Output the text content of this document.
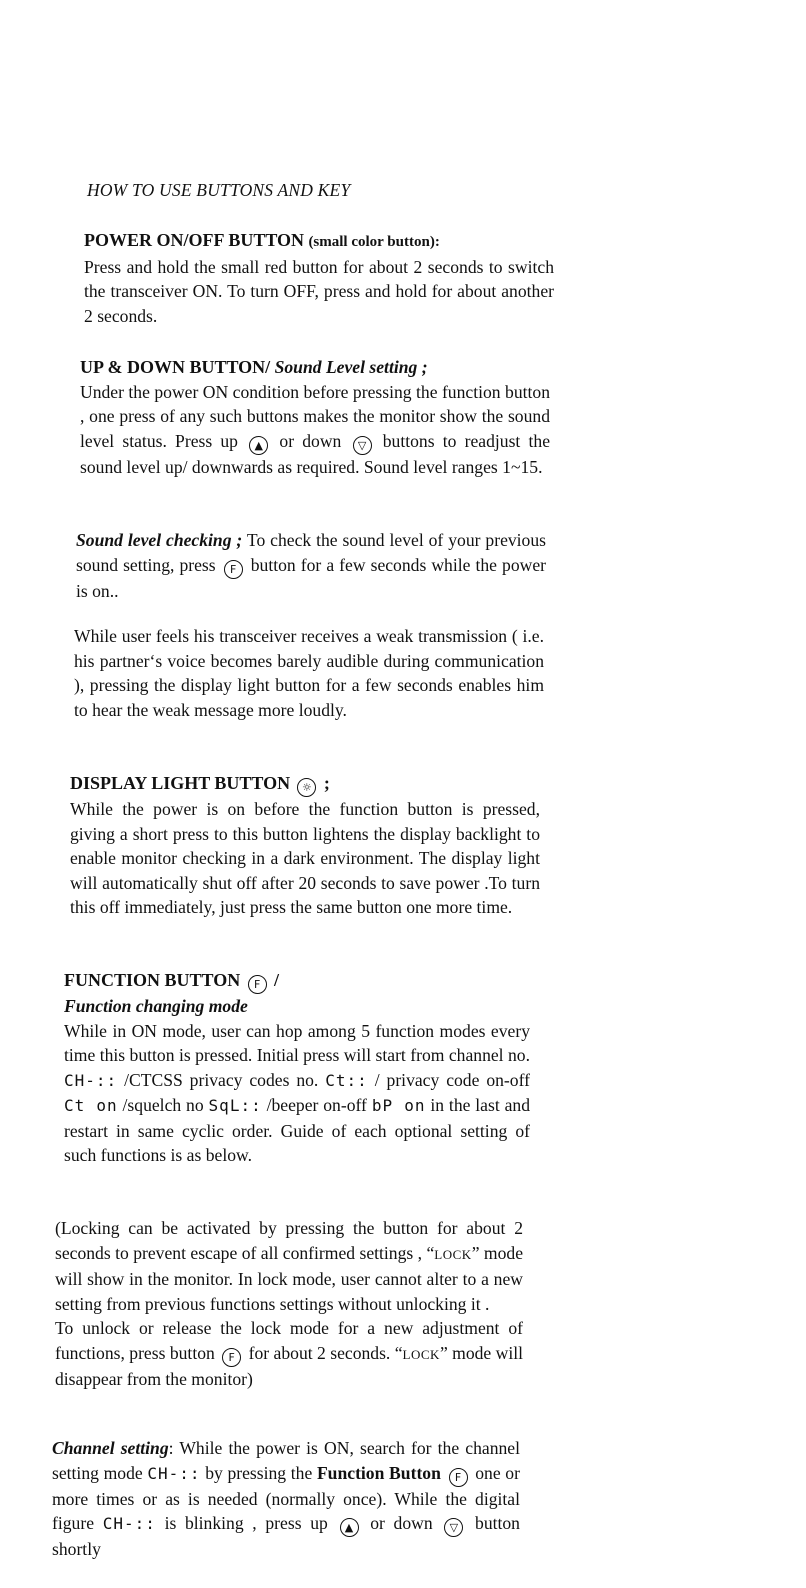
HOW TO USE BUTTONS AND KEY
POWER ON/OFF BUTTON (small color button):
Press and hold the small red button for about 2 seconds to switch the transceiver ON. To turn OFF, press and hold for about another 2 seconds.
UP & DOWN BUTTON/ Sound Level setting ;
Under the power ON condition before pressing the function button , one press of any such buttons makes the monitor show the sound level status. Press up ▲ or down ▽ buttons to readjust the sound level up/ downwards as required. Sound level ranges 1~15.
Sound level checking ; To check the sound level of your previous sound setting, press F button for a few seconds while the power is on..
While user feels his transceiver receives a weak transmission ( i.e. his partner‘s voice becomes barely audible during communication ), pressing the display light button for a few seconds enables him to hear the weak message more loudly.
DISPLAY LIGHT BUTTON ☼ ;
While the power is on before the function button is pressed, giving a short press to this button lightens the display backlight to enable monitor checking in a dark environment. The display light will automatically shut off after 20 seconds to save power .To turn this off immediately, just press the same button one more time.
FUNCTION BUTTON F /
Function changing mode
While in ON mode, user can hop among 5 function modes every time this button is pressed. Initial press will start from channel no. CH-:: /CTCSS privacy codes no. Ct:: / privacy code on-off Ct on /squelch no SqL:: /beeper on-off bP on in the last and restart in same cyclic order. Guide of each optional setting of such functions is as below.
(Locking can be activated by pressing the button for about 2 seconds to prevent escape of all confirmed settings , “LOCK” mode will show in the monitor. In lock mode, user cannot alter to a new setting from previous functions settings without unlocking it .
To unlock or release the lock mode for a new adjustment of functions, press button F for about 2 seconds. “LOCK” mode will disappear from the monitor)
Channel setting: While the power is ON, search for the channel setting mode CH-:: by pressing the Function Button F one or more times or as is needed (normally once). While the digital figure CH-:: is blinking , press up ▲ or down ▽ button shortly
